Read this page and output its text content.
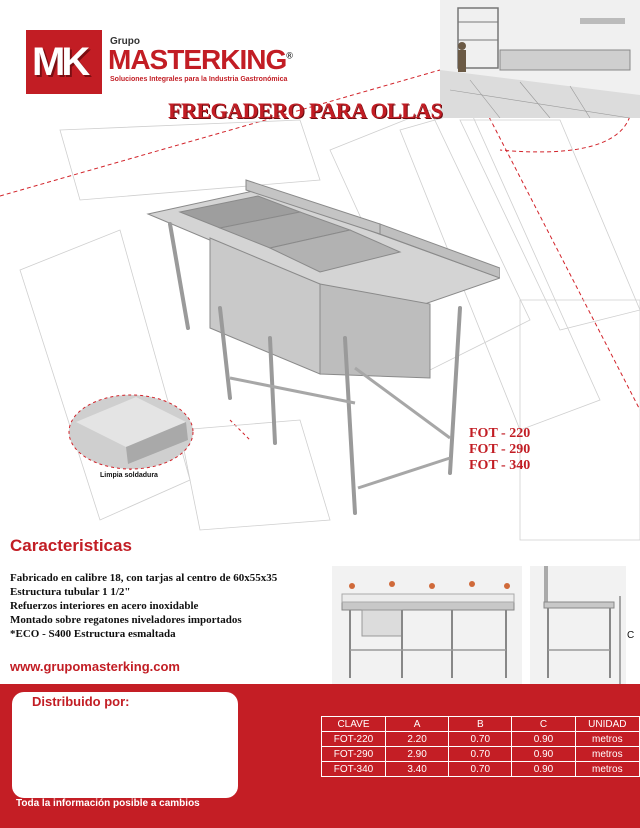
MK Grupo
MASTERKING®
Soluciones Integrales para la Industria Gastronómica
FREGADERO PARA OLLAS
Limpia soldadura
FOT - 220
FOT - 290
FOT - 340
Caracteristicas
Fabricado en calibre 18, con tarjas al centro de 60x55x35
Estructura tubular 1 1/2"
Refuerzos interiores en acero inoxidable
Montado sobre regatones niveladores importados
*ECO - S400 Estructura esmaltada
www.grupomasterking.com
C
Distribuido por:
Toda la información posible a cambios
CLAVE	A	B	C	UNIDAD
FOT-220	2.20	0.70	0.90	metros
FOT-290	2.90	0.70	0.90	metros
FOT-340	3.40	0.70	0.90	metros
